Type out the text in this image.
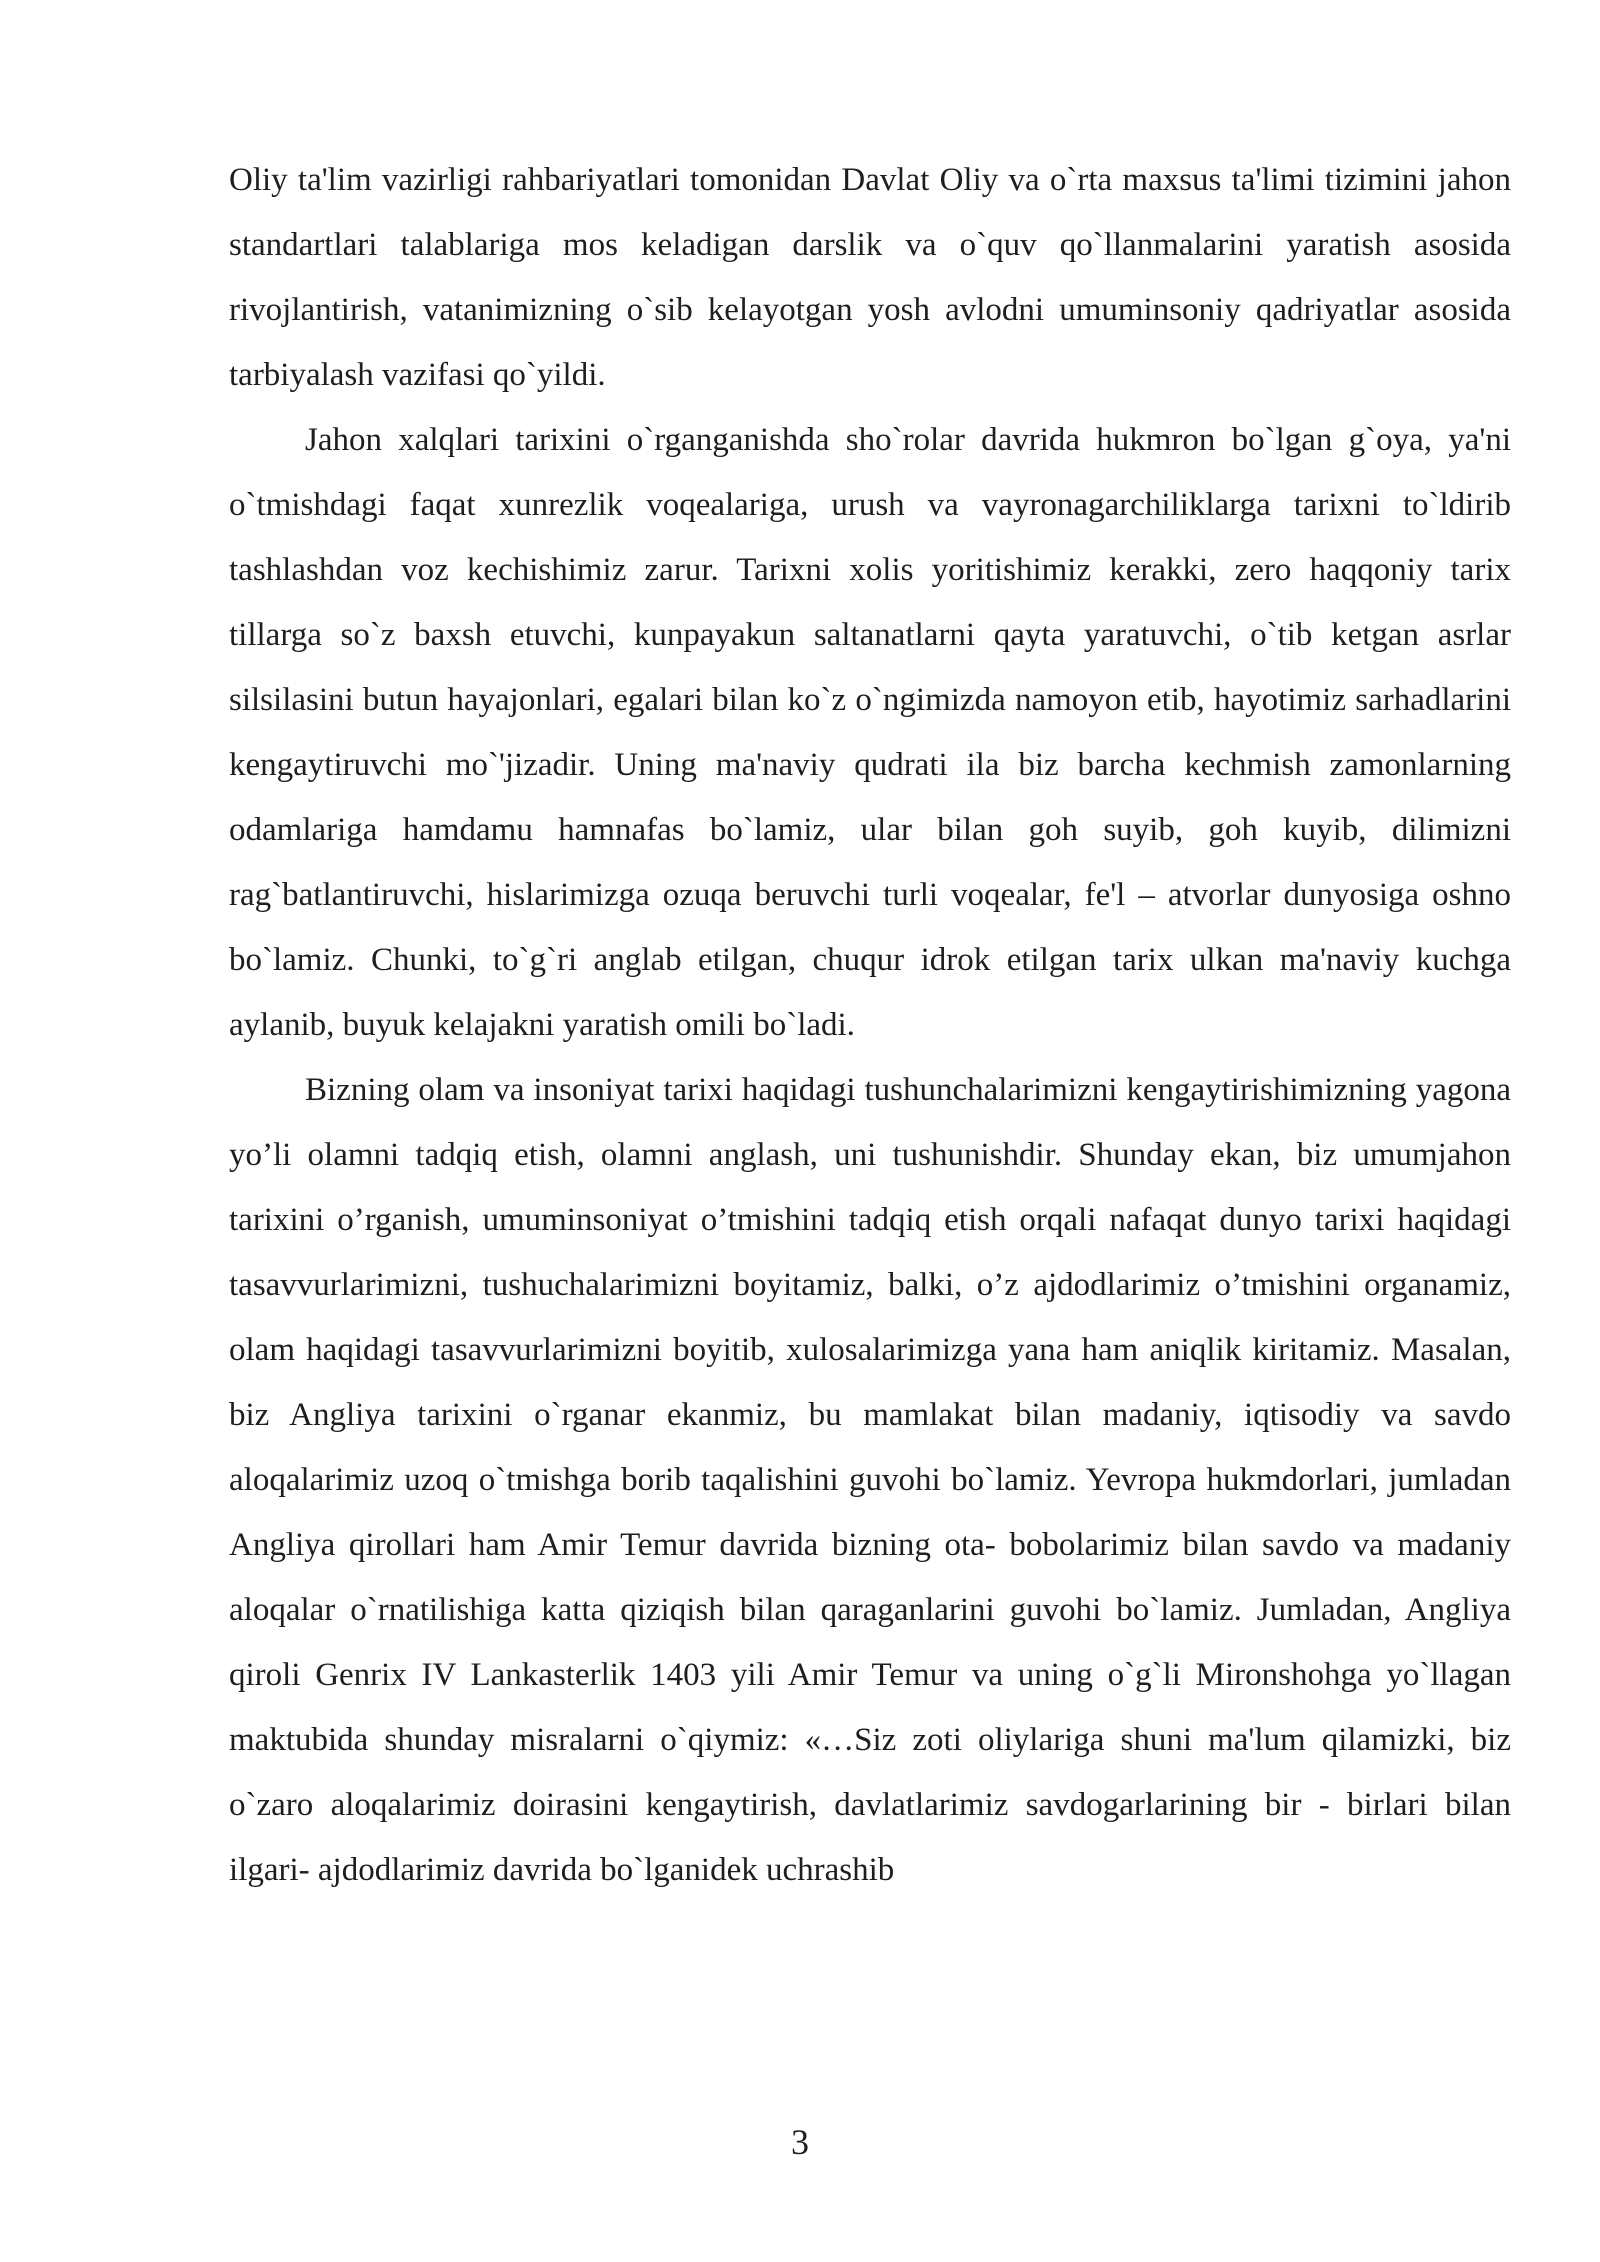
Oliy ta'lim vazirligi rahbariyatlari tomonidan Davlat Oliy va o`rta maxsus ta'limi tizimini jahon standartlari talablariga mos keladigan darslik va o`quv qo`llanmalarini yaratish asosida rivojlantirish, vatanimizning o`sib kelayotgan yosh avlodni umuminsoniy qadriyatlar asosida tarbiyalash vazifasi qo`yildi.

Jahon xalqlari tarixini o`rganganishda sho`rolar davrida hukmron bo`lgan g`oya, ya'ni o`tmishdagi faqat xunrezlik voqealariga, urush va vayronagarchiliklarga tarixni to`ldirib tashlashdan voz kechishimiz zarur. Tarixni xolis yoritishimiz kerakki, zero haqqoniy tarix tillarga so`z baxsh etuvchi, kunpayakun saltanatlarni qayta yaratuvchi, o`tib ketgan asrlar silsilasini butun hayajonlari, egalari bilan ko`z o`ngimizda namoyon etib, hayotimiz sarhadlarini kengaytiruvchi mo`'jizadir. Uning ma'naviy qudrati ila biz barcha kechmish zamonlarning odamlariga hamdamu hamnafas bo`lamiz, ular bilan goh suyib, goh kuyib, dilimizni rag`batlantiruvchi, hislarimizga ozuqa beruvchi turli voqealar, fe'l – atvorlar dunyosiga oshno bo`lamiz. Chunki, to`g`ri anglab etilgan, chuqur idrok etilgan tarix ulkan ma'naviy kuchga aylanib, buyuk kelajakni yaratish omili bo`ladi.

Bizning olam va insoniyat tarixi haqidagi tushunchalarimizni kengaytirishimizning yagona yo’li olamni tadqiq etish, olamni anglash, uni tushunishdir. Shunday ekan, biz umumjahon tarixini o’rganish, umuminsoniyat o’tmishini tadqiq etish orqali nafaqat dunyo tarixi haqidagi tasavvurlarimizni, tushuchalarimizni boyitamiz, balki, o’z ajdodlarimiz o’tmishini organamiz, olam haqidagi tasavvurlarimizni boyitib, xulosalarimizga yana ham aniqlik kiritamiz. Masalan, biz Angliya tarixini o`rganar ekanmiz, bu mamlakat bilan madaniy, iqtisodiy va savdo aloqalarimiz uzoq o`tmishga borib taqalishini guvohi bo`lamiz. Yevropa hukmdorlari, jumladan Angliya qirollari ham Amir Temur davrida bizning ota- bobolarimiz bilan savdo va madaniy aloqalar o`rnatilishiga katta qiziqish bilan qaraganlarini guvohi bo`lamiz. Jumladan, Angliya qiroli Genrix IV Lankasterlik 1403 yili Amir Temur va uning o`g`li Mironshohga yo`llagan maktubida shunday misralarni o`qiymiz: «…Siz zoti oliylariga shuni ma'lum qilamizki, biz o`zaro aloqalarimiz doirasini kengaytirish, davlatlarimiz savdogarlarining bir - birlari bilan ilgari- ajdodlarimiz davrida bo`lganidek uchrashib

3
